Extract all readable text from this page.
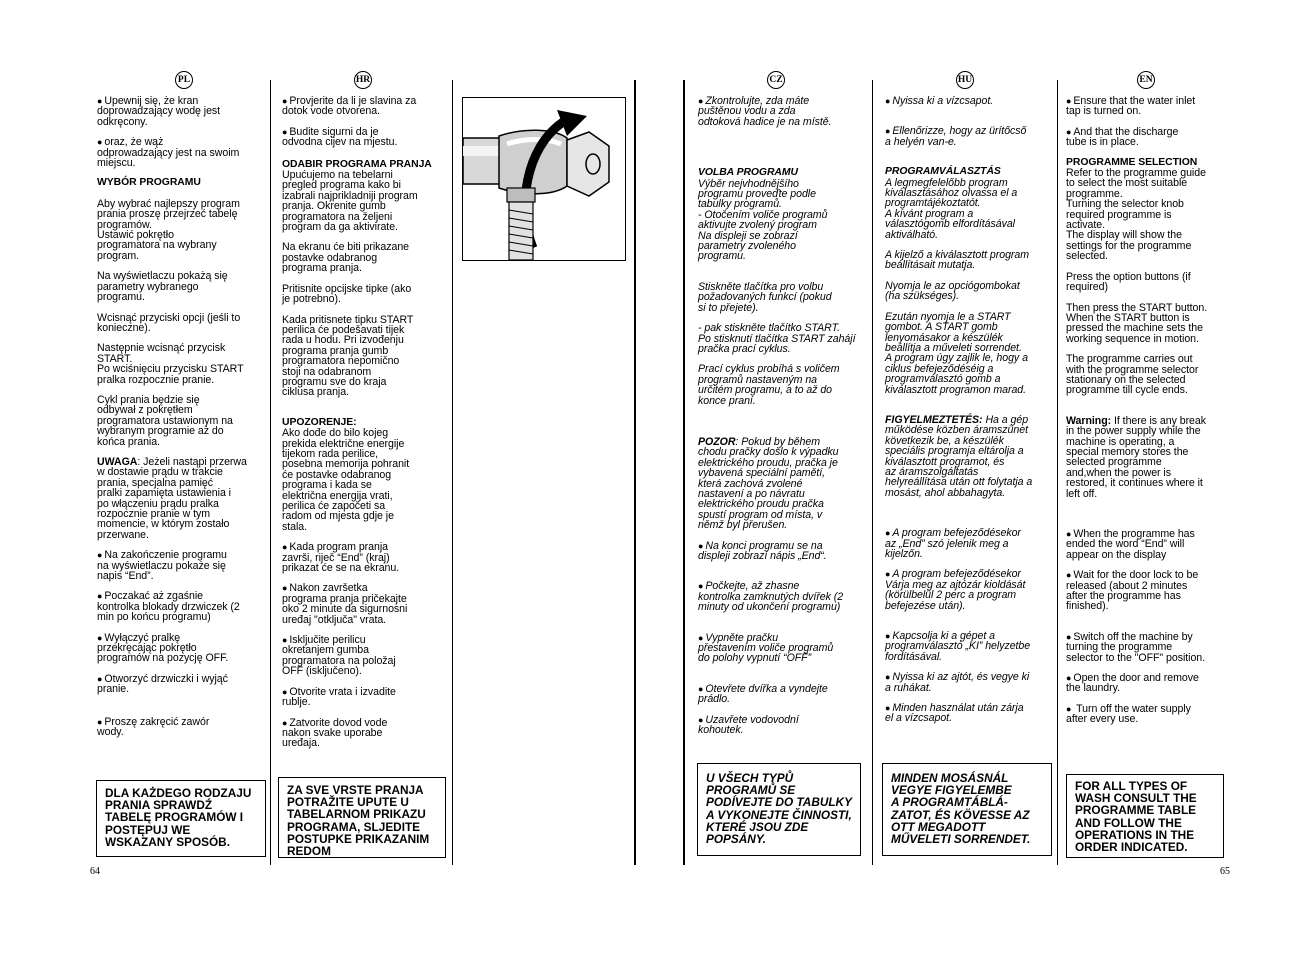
PL	HR	CZ	HU	EN

● Upewnij się, że kran
doprowadzający wodę jest
odkręcony.

● oraz, że wąż
odprowadzający jest na swoim
miejscu.

WYBÓR PROGRAMU

Aby wybrać najlepszy program
prania proszę przejrzeć tabelę
programów.
Ustawić pokrętło
programatora na wybrany
program.

Na wyświetlaczu pokażą się
parametry wybranego
programu.

Wcisnąć przyciski opcji (jeśli to
konieczne).

Następnie wcisnąć przycisk
START.
Po wciśnięciu przycisku START
pralka rozpocznie pranie.

Cykl prania będzie się
odbywał z pokrętłem
programatora ustawionym na
wybranym programie aż do
końca prania.

UWAGA: Jeżeli nastąpi przerwa
w dostawie prądu w trakcie
prania, specjalna pamięć
pralki zapamięta ustawienia i
po włączeniu prądu pralka
rozpocznie pranie w tym
momencie, w którym zostało
przerwane.

● Na zakończenie programu
na wyświetlaczu pokaże się
napis “End”.

● Poczakać aż zgaśnie
kontrolka blokady drzwiczek (2
min po końcu programu)

● Wyłączyć pralkę
przekręcając pokrętło
programów na pozycję OFF.

● Otworzyć drzwiczki i wyjąć
pranie.

● Proszę zakręcić zawór
wody.

DLA KAŻDEGO RODZAJU
PRANIA SPRAWDŹ
TABELĘ PROGRAMÓW I
POSTĘPUJ WE
WSKAZANY SPOSÓB.

● Provjerite da li je slavina za
dotok vode otvorena.

● Budite sigurni da je
odvodna cijev na mjestu.

ODABIR PROGRAMA PRANJA

Upućujemo na tebelarni
pregled programa kako bi
izabrali najprikladniji program
pranja. Okrenite gumb
programatora na željeni
program da ga aktivirate.

Na ekranu će biti prikazane
postavke odabranog
programa pranja.

Pritisnite opcijske tipke (ako
je potrebno).

Kada pritisnete tipku START
perilica će podešavati tijek
rada u hodu. Pri izvođenju
programa pranja gumb
programatora nepomično
stoji na odabranom
programu sve do kraja
ciklusa pranja.

UPOZORENJE:

Ako dođe do bilo kojeg
prekida električne energije
tijekom rada perilice,
posebna memorija pohranit
će postavke odabranog
programa i kada se
električna energija vrati,
perilica će započeti sa
radom od mjesta gdje je
stala.

● Kada program pranja
završi, riječ “End” (kraj)
prikazat će se na ekranu.

● Nakon završetka
programa pranja pričekajte
oko 2 minute da sigurnosni
uređaj "otključa" vrata.

● Isključite perilicu
okretanjem gumba
programatora na položaj
OFF (isključeno).

● Otvorite vrata i izvadite
rublje.

● Zatvorite dovod vode
nakon svake uporabe
uređaja.

ZA SVE VRSTE PRANJA
POTRAŽITE UPUTE U
TABELARNOM PRIKAZU
PROGRAMA, SLJEDITE
POSTUPKE PRIKAZANIM
REDOM

● Zkontrolujte, zda máte
puštěnou vodu a zda
odtoková hadice je na místě.

VOLBA PROGRAMU

Výběr nejvhodnějšího
programu proveďte podle
tabulky programů.
- Otočením voliče programů
aktivujte zvolený program
Na displeji se zobrazí
parametry zvoleného
programu.

Stiskněte tlačítka pro volbu
požadovaných funkcí (pokud
si to přejete).

- pak stiskněte tlačítko START.
Po stisknutí tlačítka START zahájí
pračka prací cyklus.

Prací cyklus probíhá s voličem
programů nastaveným na
určitém programu, a to až do
konce praní.

POZOR: Pokud by během
chodu pračky došlo k výpadku
elektrického proudu, pračka je
vybavená speciální pamětí,
která zachová zvolené
nastavení a po návratu
elektrického proudu pračka
spustí program od místa, v
němž byl přerušen.

● Na konci programu se na
displeji zobrazí nápis „End“.

● Počkejte, až zhasne
kontrolka zamknutých dvířek (2
minuty od ukončení programu)

● Vypněte pračku
přestavením voliče programů
do polohy vypnutí “OFF”

● Otevřete dvířka a vyndejte
prádlo.

● Uzavřete vodovodní
kohoutek.

U VŠECH TYPŮ
PROGRAMŮ SE
PODÍVEJTE DO TABULKY
A VYKONEJTE ČINNOSTI,
KTERÉ JSOU ZDE
POPSÁNY.

● Nyissa ki a vízcsapot.

● Ellenőrizze, hogy az ürítőcső
a helyén van-e.

PROGRAMVÁLASZTÁS

A legmegfelelőbb program
kiválasztásához olvassa el a
programtájékoztatót.
A kívánt program a
választógomb elfordításával
aktiválható.

A kijelző a kiválasztott program
beállításait mutatja.

Nyomja le az opciógombokat
(ha szükséges).

Ezután nyomja le a START
gombot. A START gomb
lenyomásakor a készülék
beállítja a műveleti sorrendet.
A program úgy zajlik le, hogy a
ciklus befejeződéséig a
programválasztó gomb a
kiválasztott programon marad.

FIGYELMEZTETÉS: Ha a gép
működése közben áramszünet
következik be, a készülék
speciális programja eltárolja a
kiválasztott programot, és
az áramszolgáltatás
helyreállítása után ott folytatja a
mosást, ahol abbahagyta.

● A program befejeződésekor
az „End” szó jelenik meg a
kijelzőn.

● A program befejeződésekor
Várja meg az ajtózár kioldását
(körülbelül 2 perc a program
befejezése után).

● Kapcsolja ki a gépet a
programválasztó „KI” helyzetbe
fordításával.

● Nyissa ki az ajtót, és vegye ki
a ruhákat.

● Minden használat után zárja
el a vízcsapot.

MINDEN MOSÁSNÁL
VEGYE FIGYELEMBE
A PROGRAMTÁBLÁ-
ZATOT, ÉS KÖVESSE AZ
OTT MEGADOTT
MŰVELETI SORRENDET.

● Ensure that the water inlet
tap is turned on.

● And that the discharge
tube is in place.

PROGRAMME SELECTION

Refer to the programme guide
to select the most suitable
programme.
Turning the selector knob
required programme is
activate.
The display will show the
settings for the programme
selected.

Press the option buttons (if
required)

Then press the START button.
When the START button is
pressed the machine sets the
working sequence in motion.

The programme carries out
with the programme selector
stationary on the selected
programme till cycle ends.

Warning: If there is any break
in the power supply while the
machine is operating, a
special memory stores the
selected programme
and,when the power is
restored, it continues where it
left off.

● When the programme has
ended the word “End” will
appear on the display

● Wait for the door lock to be
released (about 2 minutes
after the programme has
finished).

● Switch off the machine by
turning the programme
selector to the "OFF" position.

● Open the door and remove
the laundry.

● Turn off the water supply
after every use.

FOR ALL TYPES OF
WASH CONSULT THE
PROGRAMME TABLE
AND FOLLOW THE
OPERATIONS IN THE
ORDER INDICATED.
64	65
